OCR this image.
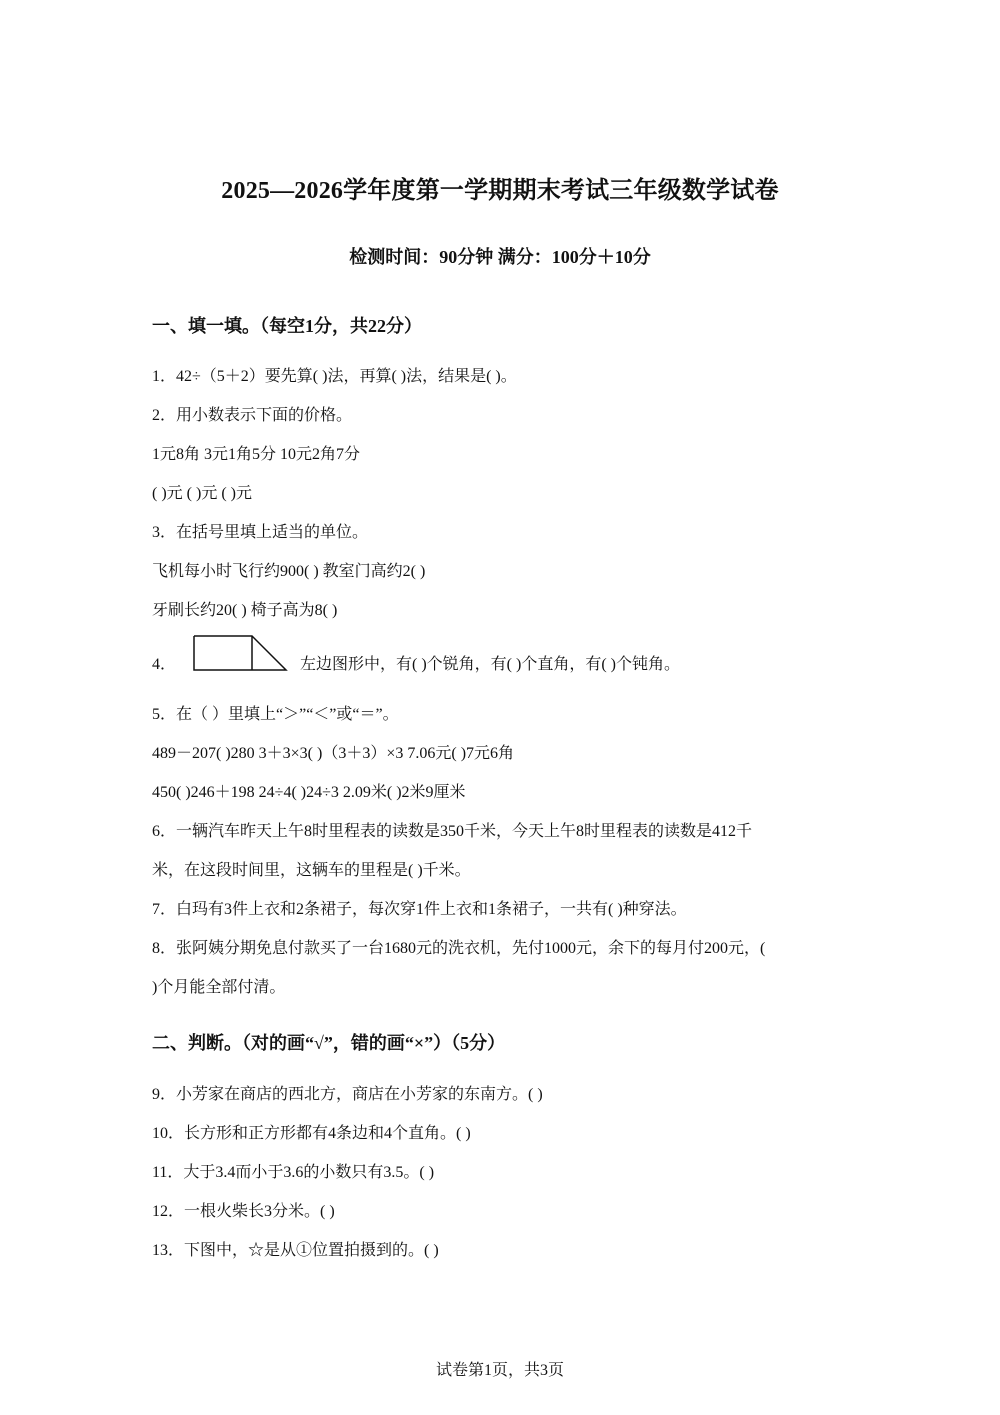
2025—2026学年度第一学期期末考试三年级数学试卷
检测时间：90分钟 满分：100分＋10分
一、填一填。（每空1分，共22分）
1．42÷（5＋2）要先算( )法，再算( )法，结果是( )。
2．用小数表示下面的价格。
1元8角 3元1角5分 10元2角7分
( )元 ( )元 ( )元
3．在括号里填上适当的单位。
飞机每小时飞行约900( ) 教室门高约2( )
牙刷长约20( ) 椅子高为8( )
4．	左边图形中，有( )个锐角，有( )个直角，有( )个钝角。
5．在（ ）里填上“＞”“＜”或“＝”。
489－207( )280 3＋3×3( )（3＋3）×3 7.06元( )7元6角
450( )246＋198 24÷4( )24÷3 2.09米( )2米9厘米
6．一辆汽车昨天上午8时里程表的读数是350千米，今天上午8时里程表的读数是412千
米，在这段时间里，这辆车的里程是( )千米。
7．白玛有3件上衣和2条裙子，每次穿1件上衣和1条裙子，一共有( )种穿法。
8．张阿姨分期免息付款买了一台1680元的洗衣机，先付1000元，余下的每月付200元，(
)个月能全部付清。
二、判断。（对的画“√”，错的画“×”）（5分）
9．小芳家在商店的西北方，商店在小芳家的东南方。( )
10．长方形和正方形都有4条边和4个直角。( )
11．大于3.4而小于3.6的小数只有3.5。( )
12．一根火柴长3分米。( )
13．下图中，☆是从①位置拍摄到的。( )
试卷第1页，共3页
